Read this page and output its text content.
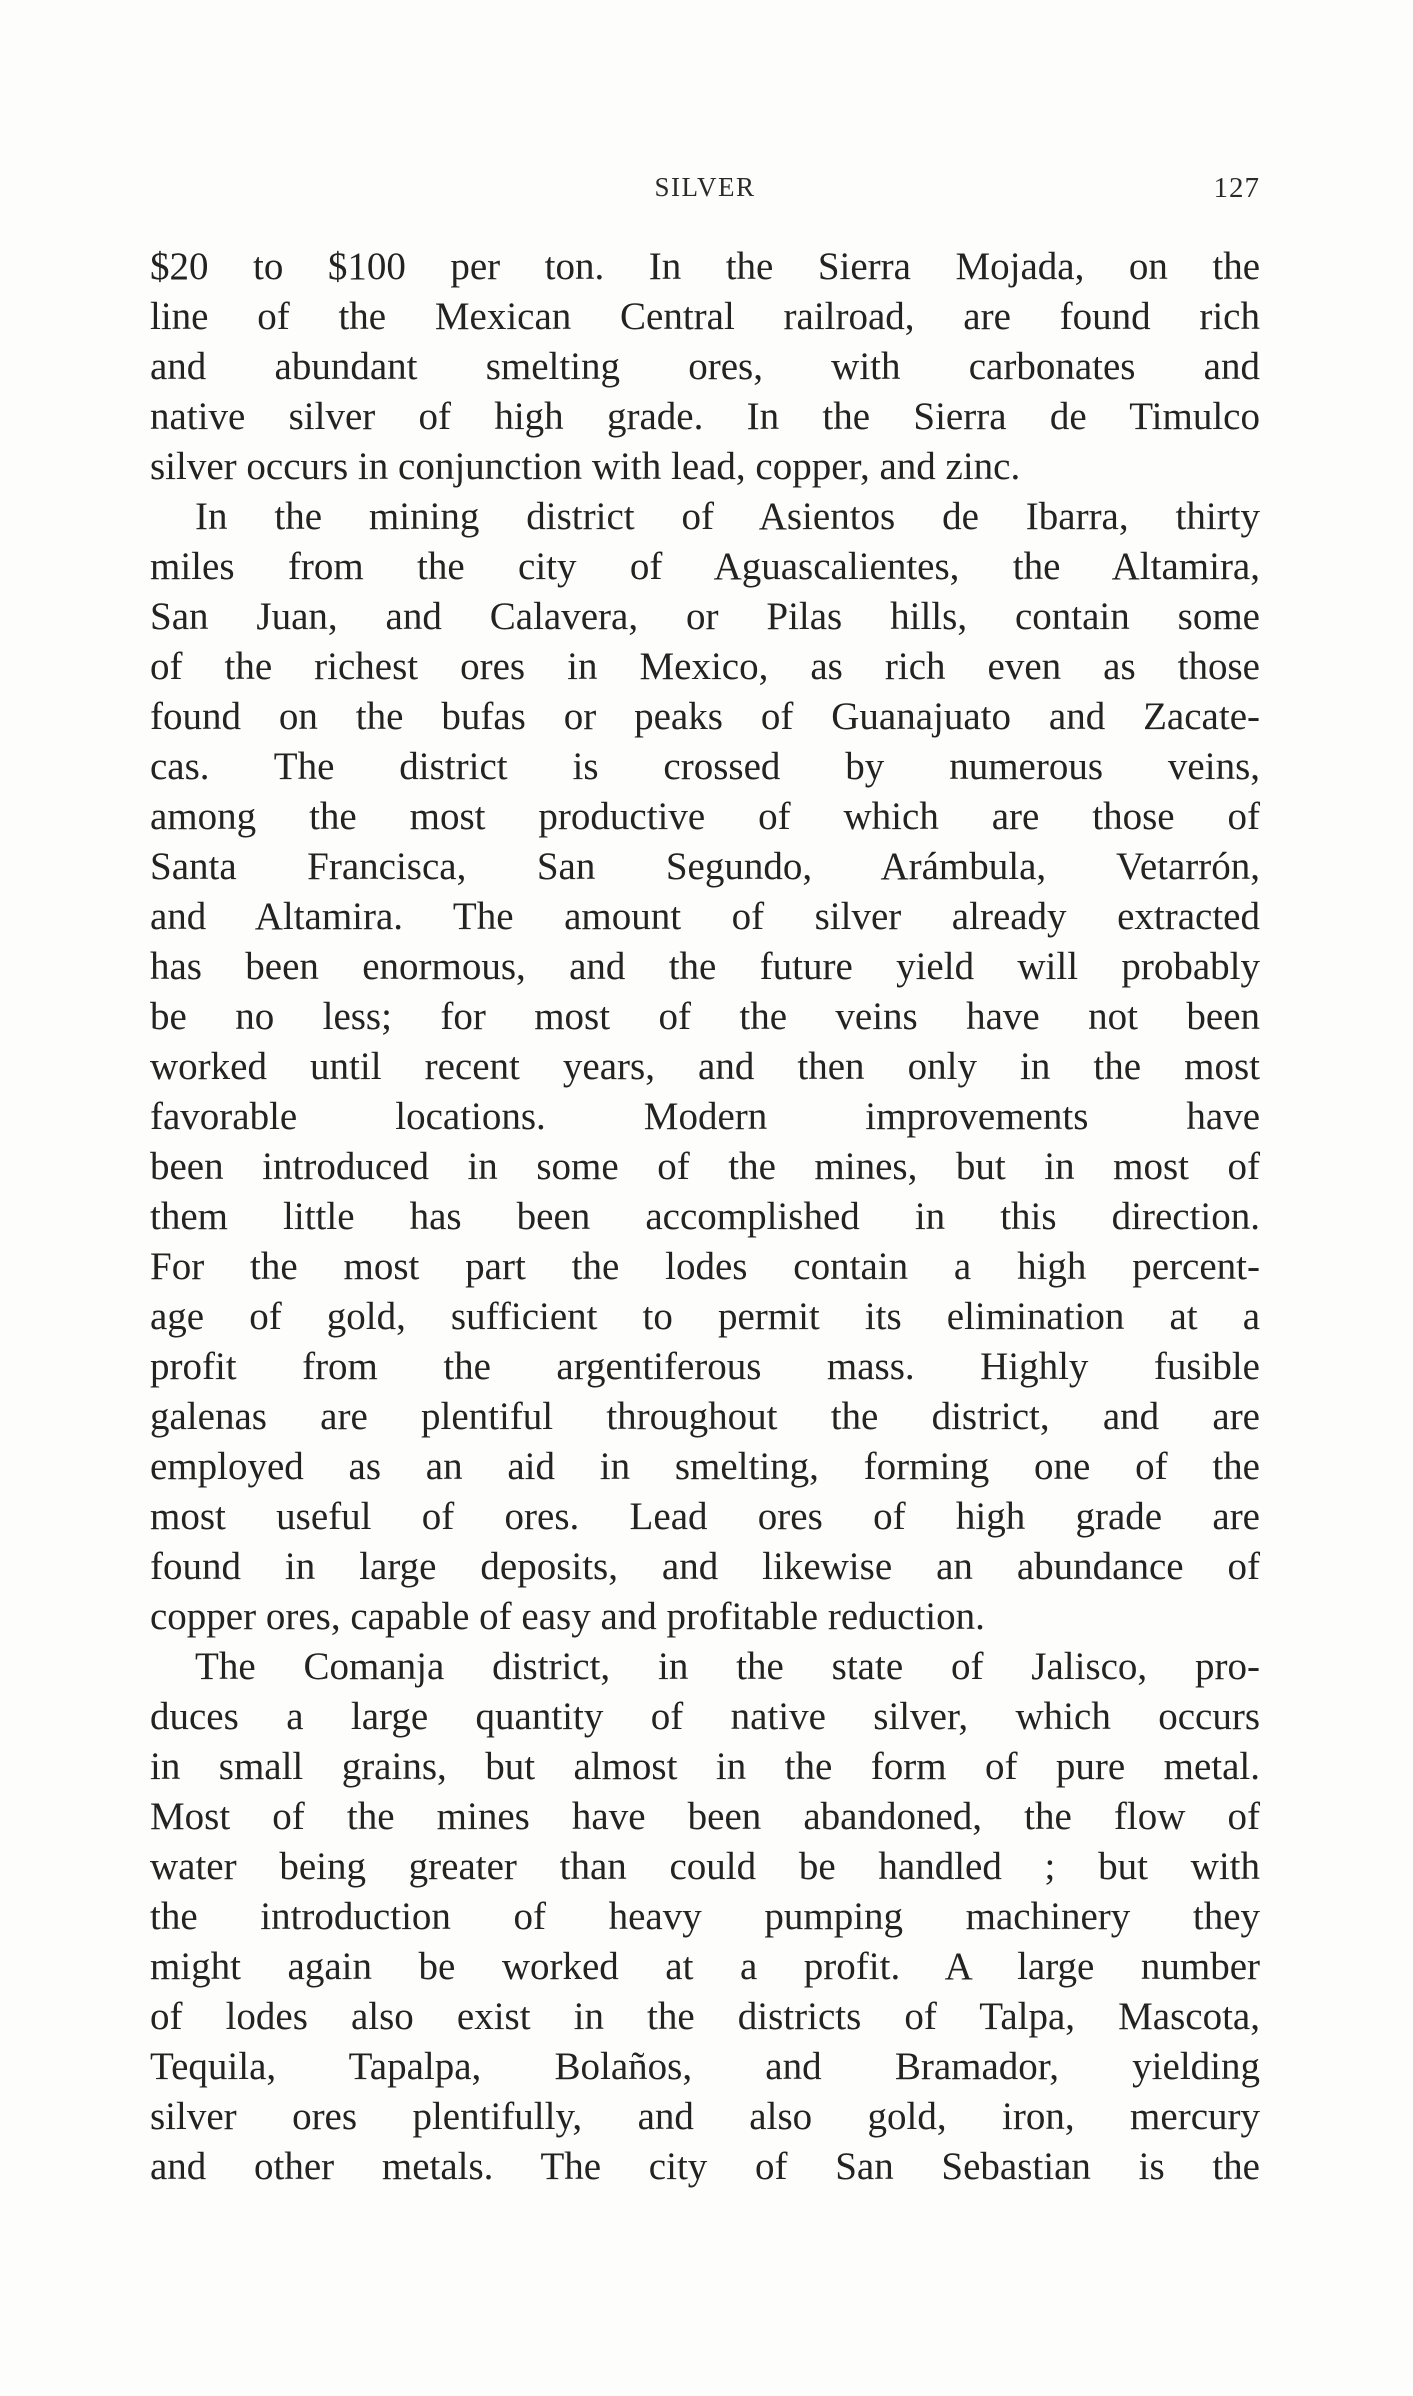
SILVER	127
$20 to $100 per ton. In the Sierra Mojada, on the
line of the Mexican Central railroad, are found rich
and abundant smelting ores, with carbonates and
native silver of high grade. In the Sierra de Timulco
silver occurs in conjunction with lead, copper, and zinc.
In the mining district of Asientos de Ibarra, thirty
miles from the city of Aguascalientes, the Altamira,
San Juan, and Calavera, or Pilas hills, contain some
of the richest ores in Mexico, as rich even as those
found on the bufas or peaks of Guanajuato and Zacate-
cas. The district is crossed by numerous veins,
among the most productive of which are those of
Santa Francisca, San Segundo, Arámbula, Vetarrón,
and Altamira. The amount of silver already extracted
has been enormous, and the future yield will probably
be no less; for most of the veins have not been
worked until recent years, and then only in the most
favorable locations. Modern improvements have
been introduced in some of the mines, but in most of
them little has been accomplished in this direction.
For the most part the lodes contain a high percent-
age of gold, sufficient to permit its elimination at a
profit from the argentiferous mass. Highly fusible
galenas are plentiful throughout the district, and are
employed as an aid in smelting, forming one of the
most useful of ores. Lead ores of high grade are
found in large deposits, and likewise an abundance of
copper ores, capable of easy and profitable reduction.
The Comanja district, in the state of Jalisco, pro-
duces a large quantity of native silver, which occurs
in small grains, but almost in the form of pure metal.
Most of the mines have been abandoned, the flow of
water being greater than could be handled ; but with
the introduction of heavy pumping machinery they
might again be worked at a profit. A large number
of lodes also exist in the districts of Talpa, Mascota,
Tequila, Tapalpa, Bolaños, and Bramador, yielding
silver ores plentifully, and also gold, iron, mercury
and other metals. The city of San Sebastian is the
